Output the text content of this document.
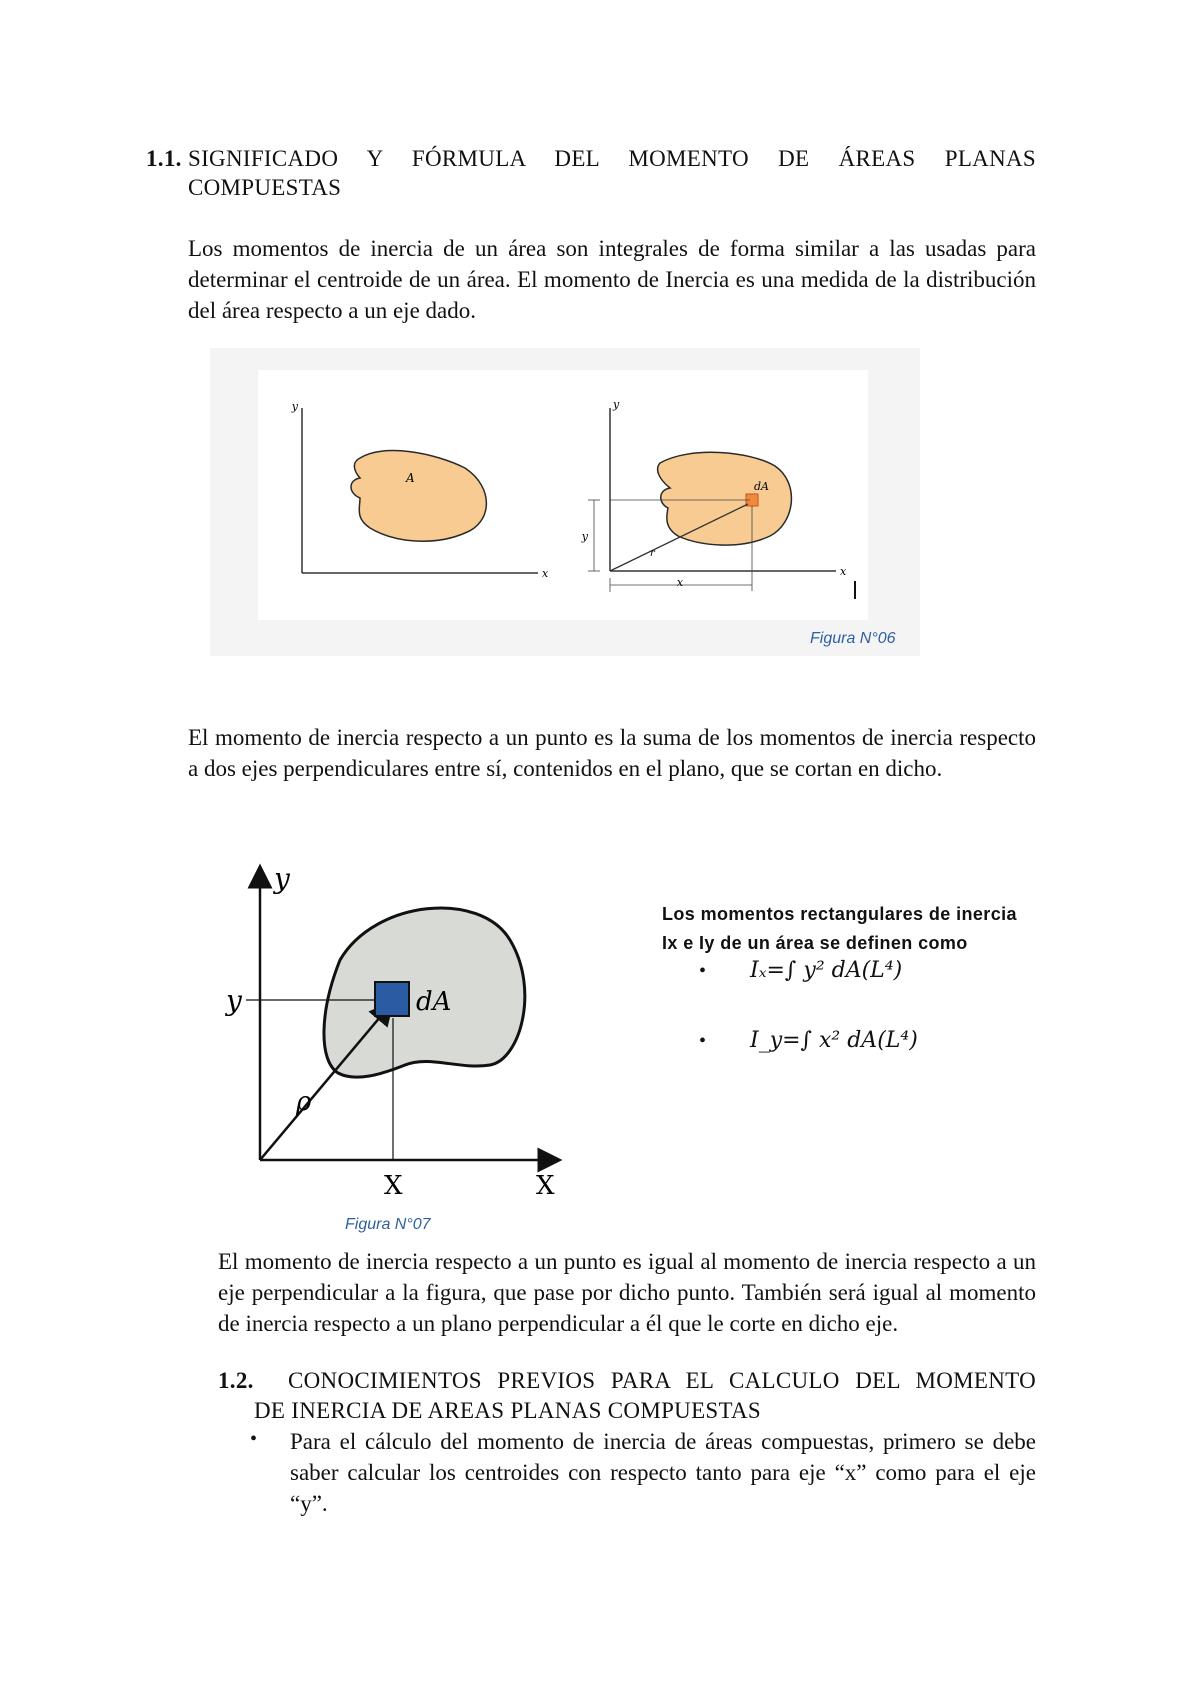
1.1. SIGNIFICADO Y FÓRMULA DEL MOMENTO DE ÁREAS PLANAS
COMPUESTAS
Los momentos de inercia de un área son integrales de forma similar a las usadas para determinar el centroide de un área. El momento de Inercia es una medida de la distribución del área respecto a un eje dado.
y
x
A
y
x
dA
r
y
x
Figura N°06
El momento de inercia respecto a un punto es la suma de los momentos de inercia respecto a dos ejes perpendiculares entre sí, contenidos en el plano, que se cortan en dicho.
y
X
ρ
dA
y
X
Figura N°07
Los momentos rectangulares de inercia
Ix e Iy de un área se definen como
• Iₓ=∫ y² dA(L⁴)
• I_y=∫ x² dA(L⁴)
El momento de inercia respecto a un punto es igual al momento de inercia respecto a un eje perpendicular a la figura, que pase por dicho punto. También será igual al momento de inercia respecto a un plano perpendicular a él que le corte en dicho eje.
1.2. CONOCIMIENTOS PREVIOS PARA EL CALCULO DEL MOMENTO
DE INERCIA DE AREAS PLANAS COMPUESTAS
• Para el cálculo del momento de inercia de áreas compuestas, primero se debe saber calcular los centroides con respecto tanto para eje “x” como para el eje “y”.
